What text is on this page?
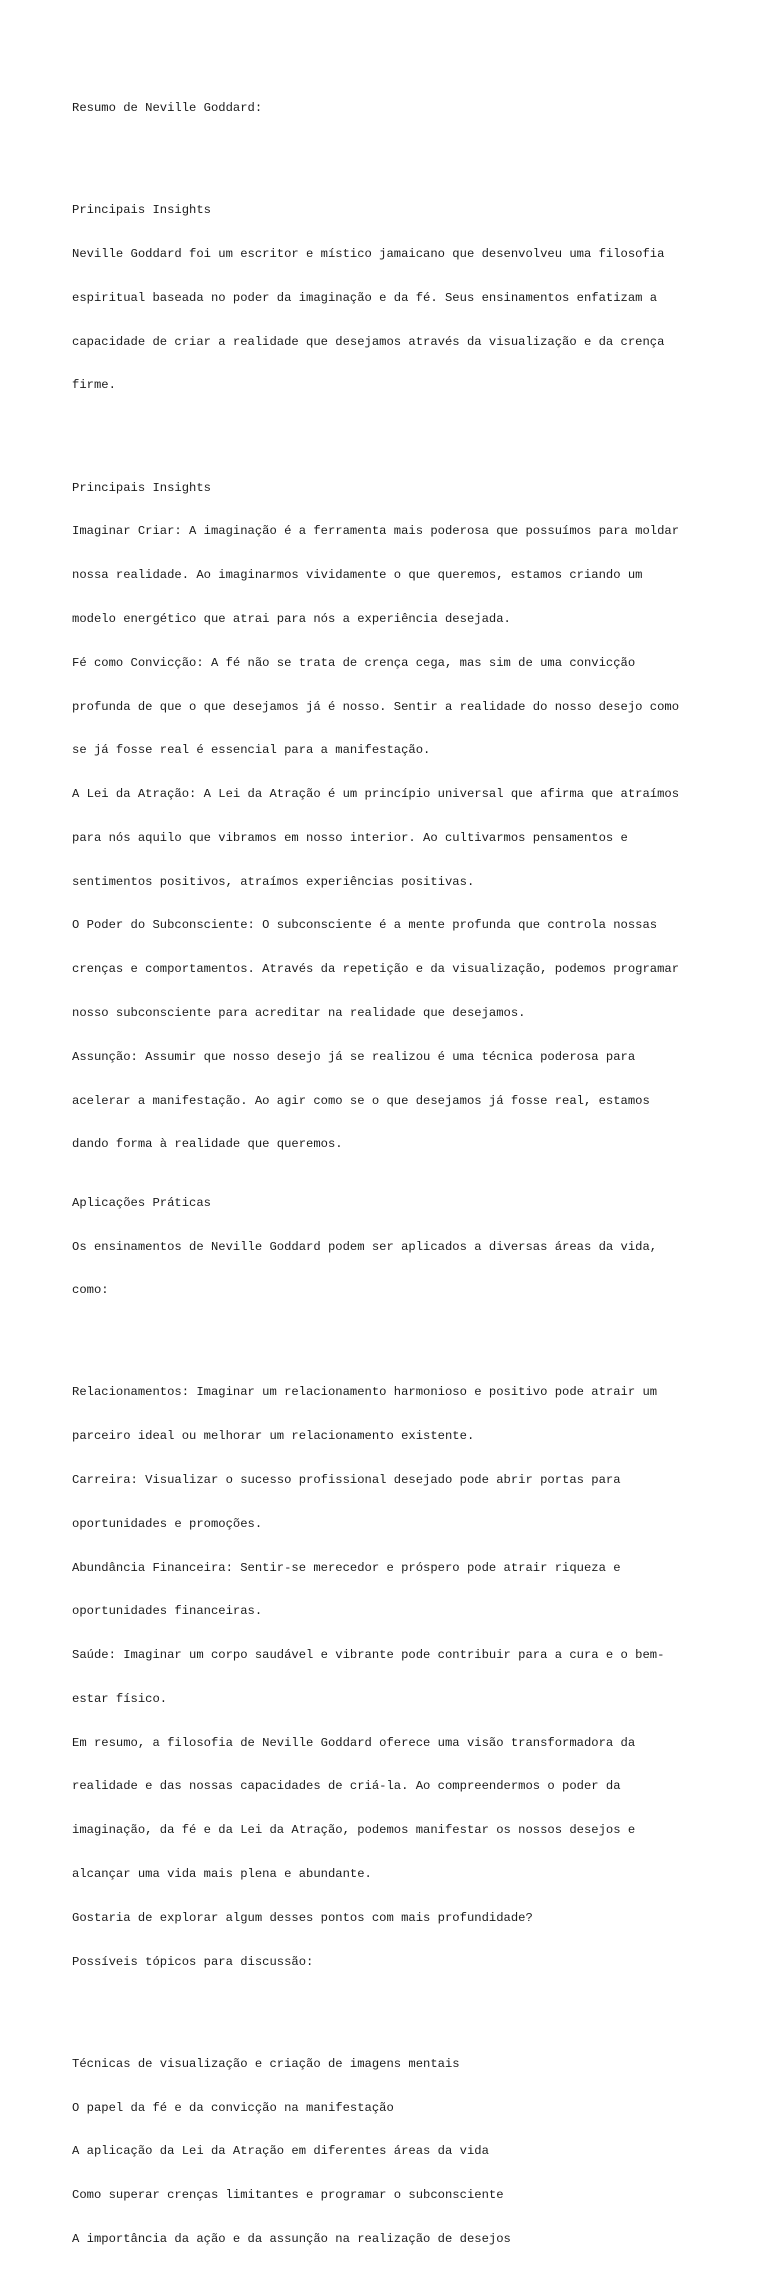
Resumo de Neville Goddard:

Principais Insights

Neville Goddard foi um escritor e místico jamaicano que desenvolveu uma filosofia

espiritual baseada no poder da imaginação e da fé. Seus ensinamentos enfatizam a

capacidade de criar a realidade que desejamos através da visualização e da crença

firme.

Principais Insights

Imaginar Criar: A imaginação é a ferramenta mais poderosa que possuímos para moldar

nossa realidade. Ao imaginarmos vividamente o que queremos, estamos criando um

modelo energético que atrai para nós a experiência desejada.

Fé como Convicção: A fé não se trata de crença cega, mas sim de uma convicção

profunda de que o que desejamos já é nosso. Sentir a realidade do nosso desejo como

se já fosse real é essencial para a manifestação.

A Lei da Atração: A Lei da Atração é um princípio universal que afirma que atraímos

para nós aquilo que vibramos em nosso interior. Ao cultivarmos pensamentos e

sentimentos positivos, atraímos experiências positivas.

O Poder do Subconsciente: O subconsciente é a mente profunda que controla nossas

crenças e comportamentos. Através da repetição e da visualização, podemos programar

nosso subconsciente para acreditar na realidade que desejamos.

Assunção: Assumir que nosso desejo já se realizou é uma técnica poderosa para

acelerar a manifestação. Ao agir como se o que desejamos já fosse real, estamos

dando forma à realidade que queremos.

Aplicações Práticas

Os ensinamentos de Neville Goddard podem ser aplicados a diversas áreas da vida,

como:

Relacionamentos: Imaginar um relacionamento harmonioso e positivo pode atrair um

parceiro ideal ou melhorar um relacionamento existente.

Carreira: Visualizar o sucesso profissional desejado pode abrir portas para

oportunidades e promoções.

Abundância Financeira: Sentir-se merecedor e próspero pode atrair riqueza e

oportunidades financeiras.

Saúde: Imaginar um corpo saudável e vibrante pode contribuir para a cura e o bem-

estar físico.

Em resumo, a filosofia de Neville Goddard oferece uma visão transformadora da

realidade e das nossas capacidades de criá-la. Ao compreendermos o poder da

imaginação, da fé e da Lei da Atração, podemos manifestar os nossos desejos e

alcançar uma vida mais plena e abundante.

Gostaria de explorar algum desses pontos com mais profundidade?

Possíveis tópicos para discussão:

Técnicas de visualização e criação de imagens mentais

O papel da fé e da convicção na manifestação

A aplicação da Lei da Atração em diferentes áreas da vida

Como superar crenças limitantes e programar o subconsciente

A importância da ação e da assunção na realização de desejos
